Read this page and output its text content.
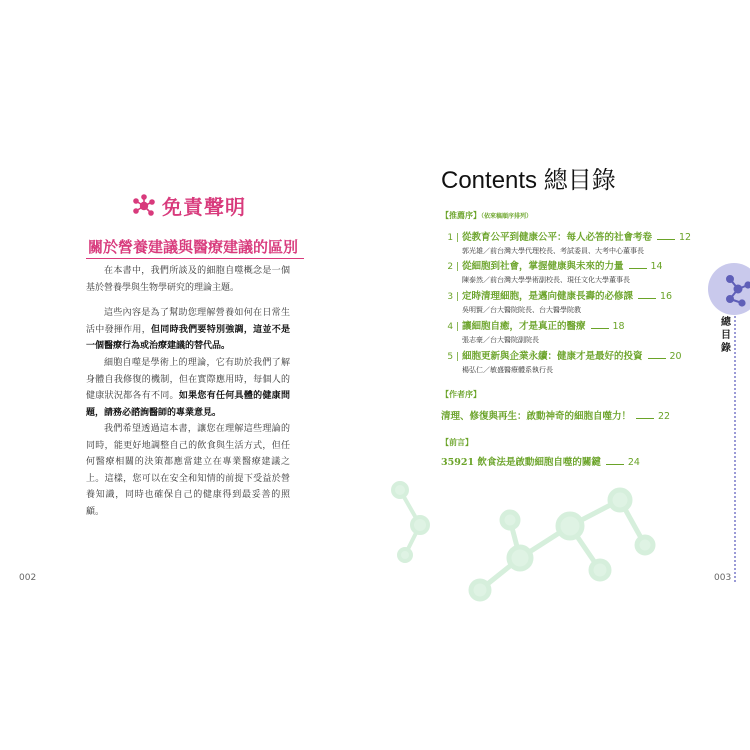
免責聲明
關於營養建議與醫療建議的區別
在本書中，我們所談及的細胞自噬概念是一個基於營養學與生物學研究的理論主題。
這些內容是為了幫助您理解營養如何在日常生活中發揮作用，但同時我們要特別強調，這並不是一個醫療行為或治療建議的替代品。
細胞自噬是學術上的理論，它有助於我們了解身體自我修復的機制，但在實際應用時，每個人的健康狀況都各有不同。如果您有任何具體的健康問題，請務必諮詢醫師的專業意見。
我們希望透過這本書，讓您在理解這些理論的同時，能更好地調整自己的飲食與生活方式，但任何醫療相關的決策都應當建立在專業醫療建議之上。這樣，您可以在安全和知情的前提下受益於營養知識，同時也確保自己的健康得到最妥善的照顧。
002
Contents 總目錄
【推薦序】（依來稿順序排列）
1 | 從教育公平到健康公平：每人必答的社會考卷	12
郭光雄／前台灣大學代理校長、考試委員、大考中心董事長
2 | 從細胞到社會，掌握健康與未來的力量	14
陳泰然／前台灣大學學術副校長、現任文化大學董事長
3 | 定時清理細胞，是邁向健康長壽的必修課	16
吳明賢／台大醫院院長、台大醫學院教
4 | 讓細胞自癒，才是真正的醫療	18
張志豪／台大醫院副院長
5 | 細胞更新與企業永續：健康才是最好的投資	20
楊弘仁／敏盛醫療體系執行長
【作者序】
清理、修復與再生：啟動神奇的細胞自噬力！	22
【前言】
35921 飲食法是啟動細胞自噬的關鍵	24
總目錄
003
